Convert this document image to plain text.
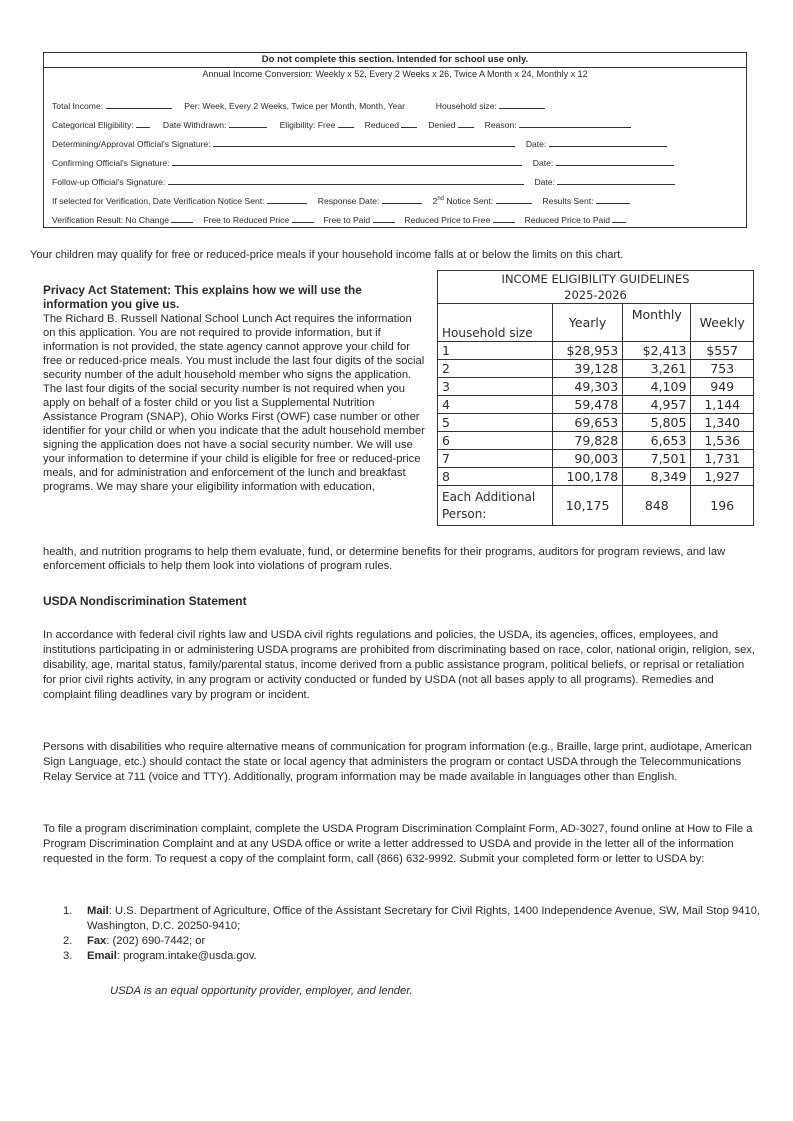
Do not complete this section. Intended for school use only.
Annual Income Conversion: Weekly x 52, Every 2 Weeks x 26, Twice A Month x 24, Monthly x 12
Total Income:	Per: Week, Every 2 Weeks, Twice per Month, Month, Year	Household size:
Categorical Eligibility:	Date Withdrawn:	Eligibility: Free	Reduced	Denied	Reason:
Determining/Approval Official's Signature:	Date:
Confirming Official's Signature:	Date:
Follow-up Official's Signature:	Date:
If selected for Verification, Date Verification Notice Sent:	Response Date:	2nd Notice Sent:	Results Sent:
Verification Result: No Change	Free to Reduced Price	Free to Paid	Reduced Price to Free	Reduced Price to Paid
Your children may qualify for free or reduced-price meals if your household income falls at or below the limits on this chart.
Privacy Act Statement: This explains how we will use the information you give us.

The Richard B. Russell National School Lunch Act requires the information on this application. You are not required to provide information, but if information is not provided, the state agency cannot approve your child for free or reduced-price meals. You must include the last four digits of the social security number of the adult household member who signs the application. The last four digits of the social security number is not required when you apply on behalf of a foster child or you list a Supplemental Nutrition Assistance Program (SNAP), Ohio Works First (OWF) case number or other identifier for your child or when you indicate that the adult household member signing the application does not have a social security number. We will use your information to determine if your child is eligible for free or reduced-price meals, and for administration and enforcement of the lunch and breakfast programs. We may share your eligibility information with education,

health, and nutrition programs to help them evaluate, fund, or determine benefits for their programs, auditors for program reviews, and law enforcement officials to help them look into violations of program rules.

INCOME ELIGIBILITY GUIDELINES			
2025-2026			
Household size	Yearly	Monthly	Weekly
1	$28,953	$2,413	$557
2	39,128	3,261	753
3	49,303	4,109	949
4	59,478	4,957	1,144
5	69,653	5,805	1,340
6	79,828	6,653	1,536
7	90,003	7,501	1,731
8	100,178	8,349	1,927
Each Additional Person:	10,175	848	196
USDA Nondiscrimination Statement

In accordance with federal civil rights law and USDA civil rights regulations and policies, the USDA, its agencies, offices, employees, and institutions participating in or administering USDA programs are prohibited from discriminating based on race, color, national origin, religion, sex, disability, age, marital status, family/parental status, income derived from a public assistance program, political beliefs, or reprisal or retaliation for prior civil rights activity, in any program or activity conducted or funded by USDA (not all bases apply to all programs). Remedies and complaint filing deadlines vary by program or incident.

Persons with disabilities who require alternative means of communication for program information (e.g., Braille, large print, audiotape, American Sign Language, etc.) should contact the state or local agency that administers the program or contact USDA through the Telecommunications Relay Service at 711 (voice and TTY). Additionally, program information may be made available in languages other than English.

To file a program discrimination complaint, complete the USDA Program Discrimination Complaint Form, AD-3027, found online at How to File a Program Discrimination Complaint and at any USDA office or write a letter addressed to USDA and provide in the letter all of the information requested in the form. To request a copy of the complaint form, call (866) 632-9992. Submit your completed form or letter to USDA by:

1. Mail: U.S. Department of Agriculture, Office of the Assistant Secretary for Civil Rights, 1400 Independence Avenue, SW, Mail Stop 9410, Washington, D.C. 20250-9410;
2. Fax: (202) 690-7442; or
3. Email: program.intake@usda.gov.
USDA is an equal opportunity provider, employer, and lender.
